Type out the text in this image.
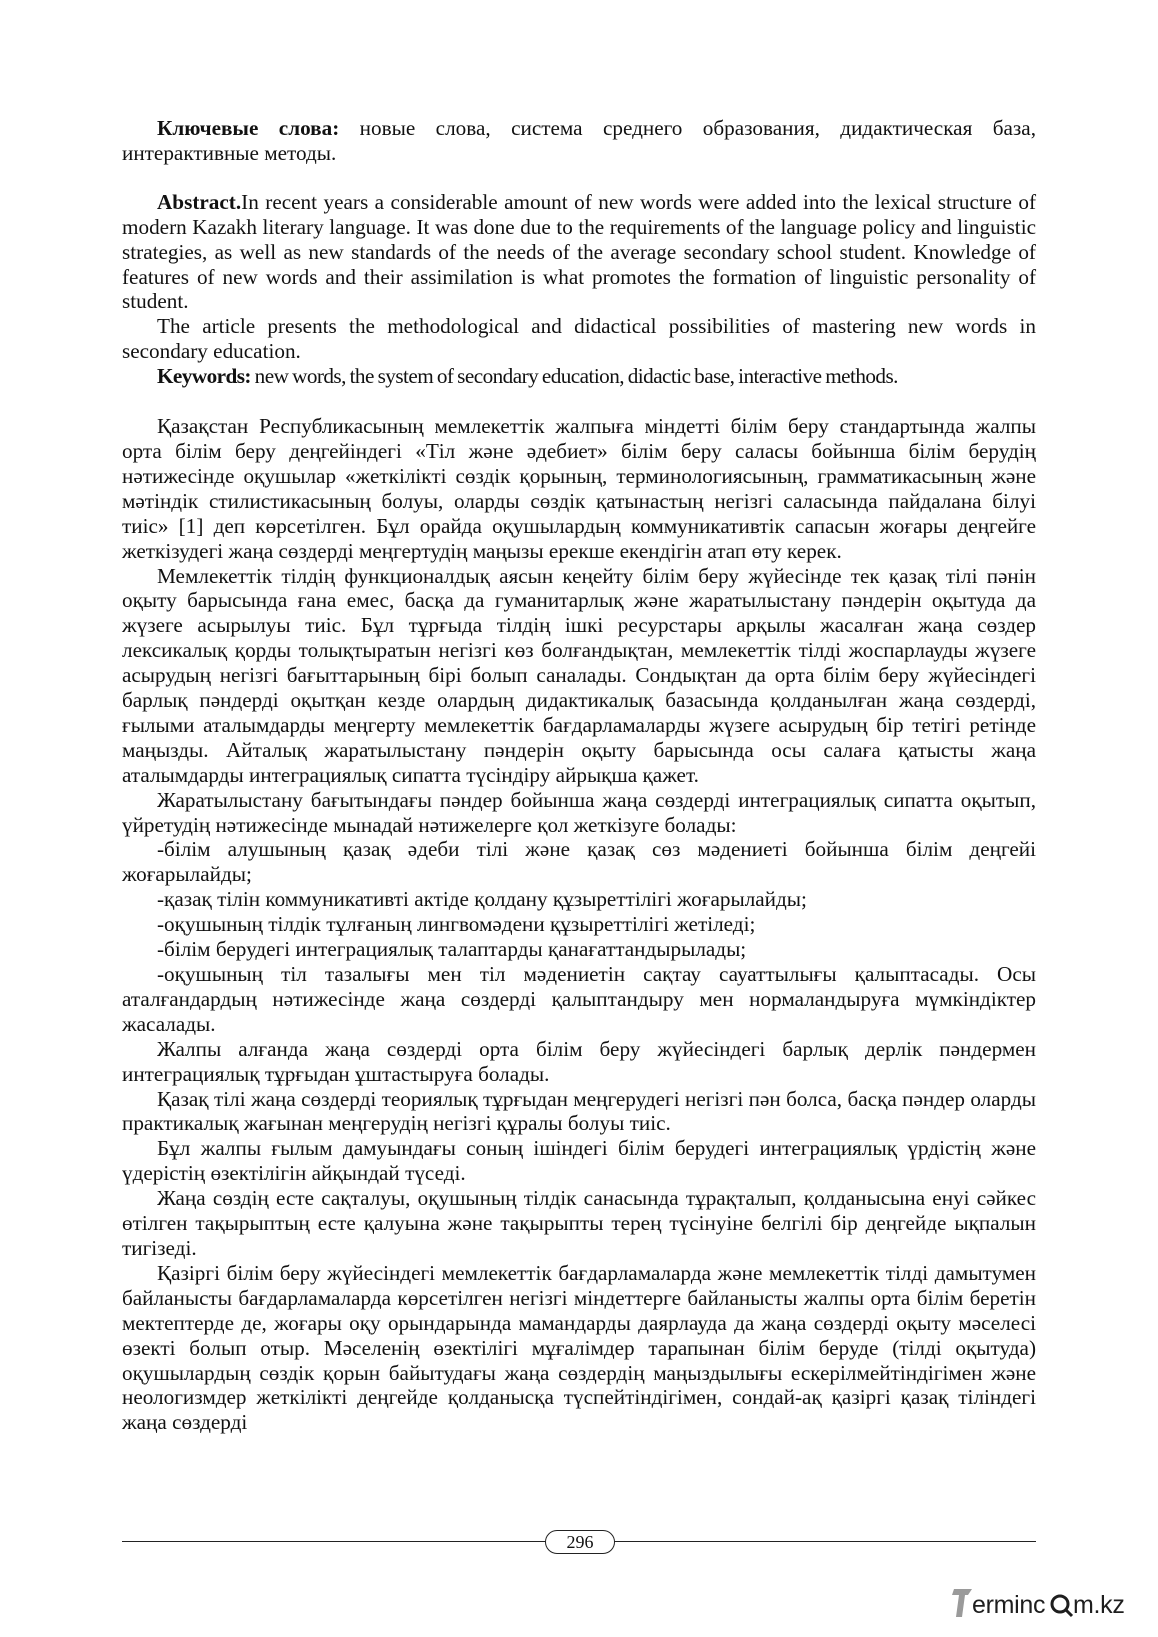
Ключевые слова: новые слова, система среднего образования, дидактическая база, интерактивные методы.

Abstract.In recent years a considerable amount of new words were added into the lexical structure of modern Kazakh literary language. It was done due to the requirements of the language policy and linguistic strategies, as well as new standards of the needs of the average secondary school student. Knowledge of features of new words and their assimilation is what promotes the formation of linguistic personality of student.

The article presents the methodological and didactical possibilities of mastering new words in secondary education.

Keywords: new words, the system of secondary education, didactic base, interactive methods.

Қазақстан Республикасының мемлекеттік жалпыға міндетті білім беру стандартында жалпы орта білім беру деңгейіндегі «Тіл және әдебиет» білім беру саласы бойынша білім берудің нәтижесінде оқушылар «жеткілікті сөздік қорының, терминологиясының, грамматикасының және мәтіндік стилистикасының болуы, оларды сөздік қатынастың негізгі саласында пайдалана білуі тиіс» [1] деп көрсетілген. Бұл орайда оқушылардың коммуникативтік сапасын жоғары деңгейге жеткізудегі жаңа сөздерді меңгертудің маңызы ерекше екендігін атап өту керек.

Мемлекеттік тілдің функционалдық аясын кеңейту білім беру жүйесінде тек қазақ тілі пәнін оқыту барысында ғана емес, басқа да гуманитарлық және жаратылыстану пәндерін оқытуда да жүзеге асырылуы тиіс. Бұл тұрғыда тілдің ішкі ресурстары арқылы жасалған жаңа сөздер лексикалық қорды толықтыратын негізгі көз болғандықтан, мемлекеттік тілді жоспарлауды жүзеге асырудың негізгі бағыттарының бірі болып саналады. Сондықтан да орта білім беру жүйесіндегі барлық пәндерді оқытқан кезде олардың дидактикалық базасында қолданылған жаңа сөздерді, ғылыми аталымдарды меңгерту мемлекеттік бағдарламаларды жүзеге асырудың бір тетігі ретінде маңызды. Айталық жаратылыстану пәндерін оқыту барысында осы салаға қатысты жаңа аталымдарды интеграциялық сипатта түсіндіру айрықша қажет.

Жаратылыстану бағытындағы пәндер бойынша жаңа сөздерді интеграциялық сипатта оқытып, үйретудің нәтижесінде мынадай нәтижелерге қол жеткізуге болады:

-білім алушының қазақ әдеби тілі және қазақ сөз мәдениеті бойынша білім деңгейі жоғарылайды;

-қазақ тілін коммуникативті актіде қолдану құзыреттілігі жоғарылайды;

-оқушының тілдік тұлғаның лингвомәдени құзыреттілігі жетіледі;

-білім берудегі интеграциялық талаптарды қанағаттандырылады;

-оқушының тіл тазалығы мен тіл мәдениетін сақтау сауаттылығы қалыптасады. Осы аталғандардың нәтижесінде жаңа сөздерді қалыптандыру мен нормаландыруға мүмкіндіктер жасалады.

Жалпы алғанда жаңа сөздерді орта білім беру жүйесіндегі барлық дерлік пәндермен интеграциялық тұрғыдан ұштастыруға болады.

Қазақ тілі жаңа сөздерді теориялық тұрғыдан меңгерудегі негізгі пән болса, басқа пәндер оларды практикалық жағынан меңгерудің негізгі құралы болуы тиіс.

Бұл жалпы ғылым дамуындағы соның ішіндегі білім берудегі интеграциялық үрдістің және үдерістің өзектілігін айқындай түседі.

Жаңа сөздің есте сақталуы, оқушының тілдік санасында тұрақталып, қолданысына енуі сәйкес өтілген тақырыптың есте қалуына және тақырыпты терең түсінуіне белгілі бір деңгейде ықпалын тигізеді.

Қазіргі білім беру жүйесіндегі мемлекеттік бағдарламаларда және мемлекеттік тілді дамытумен байланысты бағдарламаларда көрсетілген негізгі міндеттерге байланысты жалпы орта білім беретін мектептерде де, жоғары оқу орындарында мамандарды даярлауда да жаңа сөздерді оқыту мәселесі өзекті болып отыр. Мәселенің өзектілігі мұғалімдер тарапынан білім беруде (тілді оқытуда) оқушылардың сөздік қорын байытудағы жаңа сөздердің маңыздылығы ескерілмейтіндігімен және неологизмдер жеткілікті деңгейде қолданысқа түспейтіндігімен, сондай-ақ қазіргі қазақ тіліндегі жаңа сөздерді

296
erminc m.kz
